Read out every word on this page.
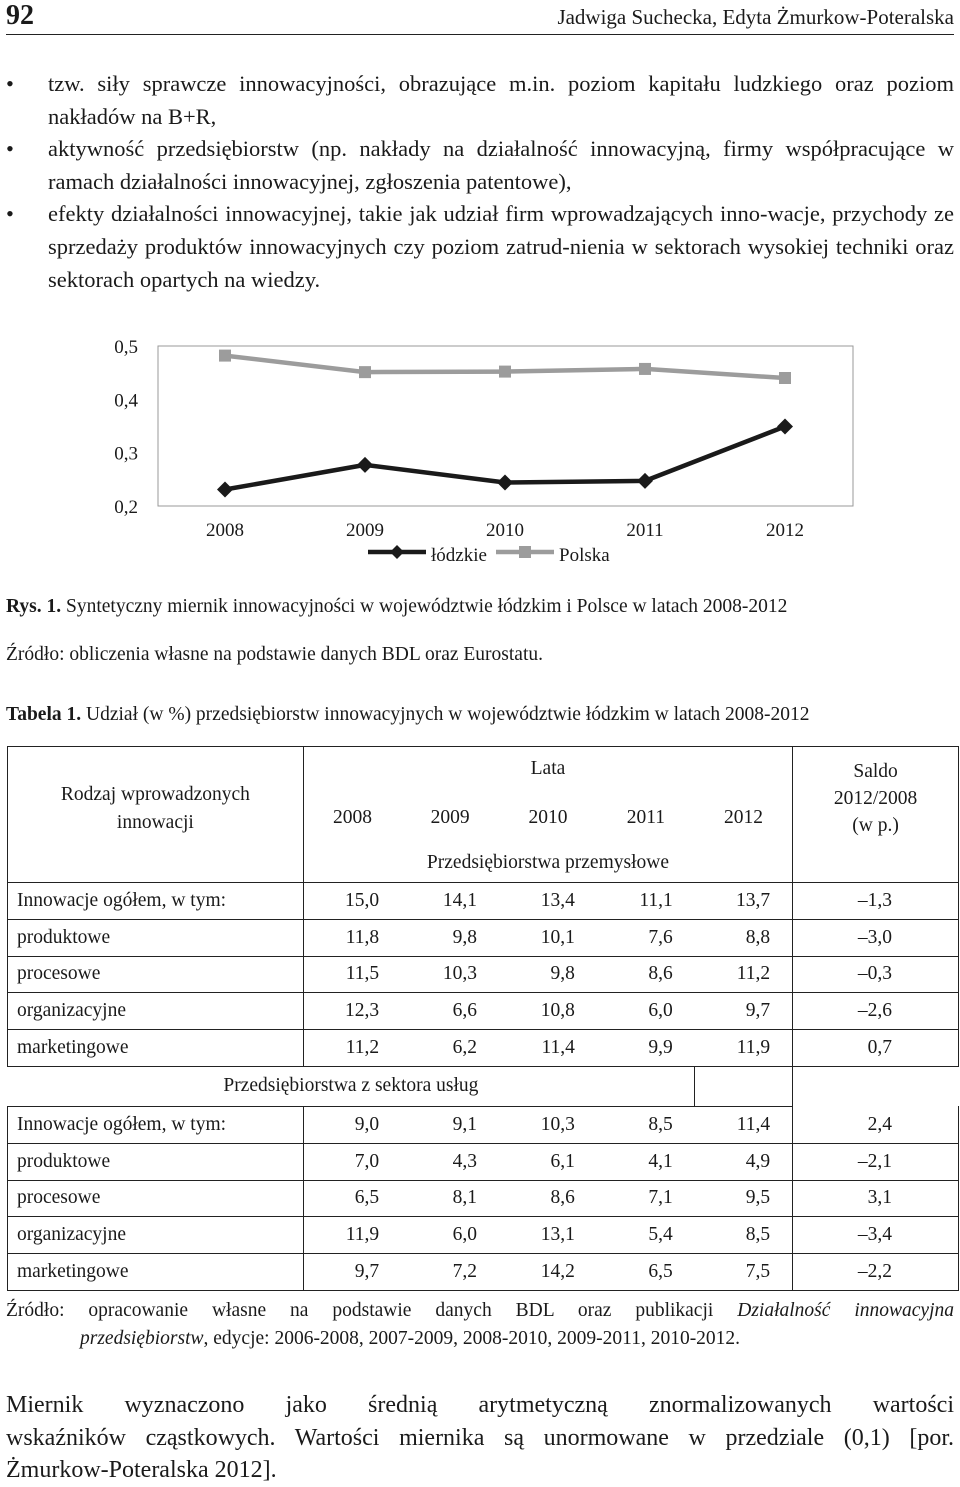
92	Jadwiga Suchecka, Edyta Żmurkow-Poteralska
• tzw. siły sprawcze innowacyjności, obrazujące m.in. poziom kapitału ludzkiego oraz poziom nakładów na B+R,
• aktywność przedsiębiorstw (np. nakłady na działalność innowacyjną, firmy współpracujące w ramach działalności innowacyjnej, zgłoszenia patentowe),
• efekty działalności innowacyjnej, takie jak udział firm wprowadzających inno-wacje, przychody ze sprzedaży produktów innowacyjnych czy poziom zatrud-nienia w sektorach wysokiej techniki oraz sektorach opartych na wiedzy.
0,5
0,4
0,3
0,2
2008	2009	2010	2011	2012
łódzkie	Polska
Rys. 1. Syntetyczny miernik innowacyjności w województwie łódzkim i Polsce w latach 2008-2012
Źródło: obliczenia własne na podstawie danych BDL oraz Eurostatu.
Tabela 1. Udział (w %) przedsiębiorstw innowacyjnych w województwie łódzkim w latach 2008-2012
Rodzaj wprowadzonych
innowacji	Lata					Saldo
2012/2008
(w p.)
	2008	2009	2010	2011	2012	
	Przedsiębiorstwa przemysłowe					
Innowacje ogółem, w tym:	15,0	14,1	13,4	11,1	13,7	–1,3
produktowe	11,8	9,8	10,1	7,6	8,8	–3,0
procesowe	11,5	10,3	9,8	8,6	11,2	–0,3
organizacyjne	12,3	6,6	10,8	6,0	9,7	–2,6
marketingowe	11,2	6,2	11,4	9,9	11,9	0,7
Przedsiębiorstwa z sektora usług						
Innowacje ogółem, w tym:	9,0	9,1	10,3	8,5	11,4	2,4
produktowe	7,0	4,3	6,1	4,1	4,9	–2,1
procesowe	6,5	8,1	8,6	7,1	9,5	3,1
organizacyjne	11,9	6,0	13,1	5,4	8,5	–3,4
marketingowe	9,7	7,2	14,2	6,5	7,5	–2,2
Źródło: opracowanie własne na podstawie danych BDL oraz publikacji Działalność innowacyjna
przedsiębiorstw, edycje: 2006-2008, 2007-2009, 2008-2010, 2009-2011, 2010-2012.
Miernik wyznaczono jako średnią arytmetyczną znormalizowanych wartości
wskaźników cząstkowych. Wartości miernika są unormowane w przedziale (0,1) [por.
Żmurkow-Poteralska 2012].
